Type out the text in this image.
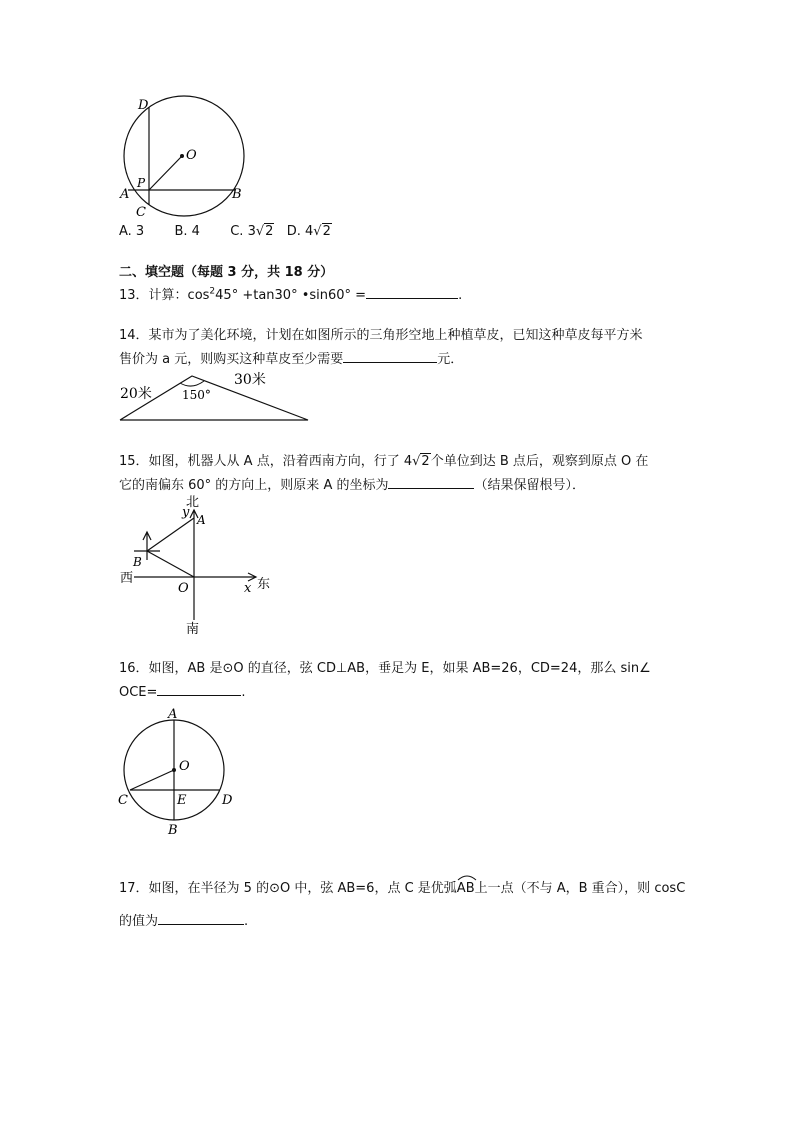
D
O
A
P
C
B
A. 3 B. 4 C. 3√2 D. 4√2
二、填空题（每题 3 分，共 18 分）
13．计算：$\cos^245^\circ +\tan 30^\circ$ •sin60° =	.
14．某市为了美化环境，计划在如图所示的三角形空地上种植草皮，已知这种草皮每平方米
售价为 a 元，则购买这种草皮至少需要	元．
20米
30米
150°
15．如图，机器人从 A 点，沿着西南方向，行了 4√2个单位到达 B 点后，观察到原点 O 在
它的南偏东 60° 的方向上，则原来 A 的坐标为	（结果保留根号）．
北
y A
B
西
O	x 东
南
16．如图，AB 是⊙O 的直径，弦 CD⊥AB，垂足为 E，如果 AB=26，CD=24，那么 sin∠
OCE=	.
A
O
C	E	D
B
17．如图，在半径为 5 的⊙O 中，弦 AB=6，点 C 是优弧
AB上一点（不与 A，B 重合），则 cosC
的值为	.
